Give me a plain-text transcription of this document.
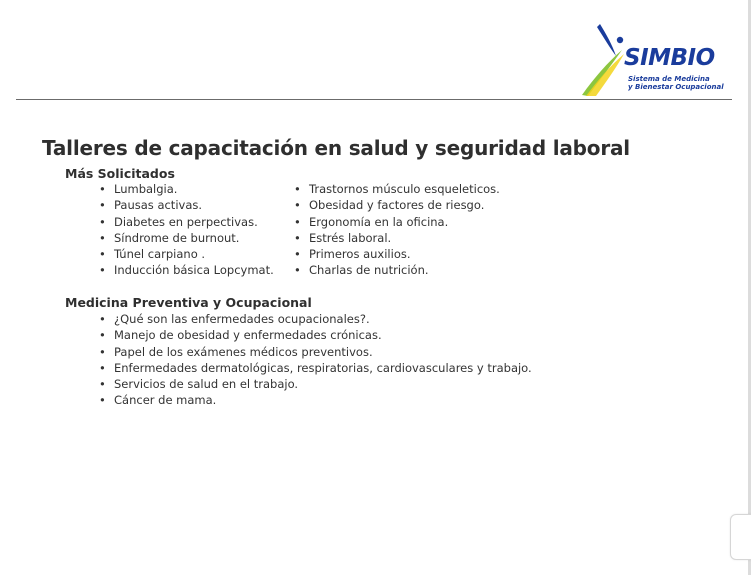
SIMBIO
Sistema de Medicina
y Bienestar Ocupacional
Talleres de capacitación en salud y seguridad laboral
Más Solicitados
• Lumbalgia.
• Pausas activas.
• Diabetes en perpectivas.
• Síndrome de burnout.
• Túnel carpiano .
• Inducción básica Lopcymat.
• Trastornos músculo esqueleticos.
• Obesidad y factores de riesgo.
• Ergonomía en la oficina.
• Estrés laboral.
• Primeros auxilios.
• Charlas de nutrición.
Medicina Preventiva y Ocupacional
• ¿Qué son las enfermedades ocupacionales?.
• Manejo de obesidad y enfermedades crónicas.
• Papel de los exámenes médicos preventivos.
• Enfermedades dermatológicas, respiratorias, cardiovasculares y trabajo.
• Servicios de salud en el trabajo.
• Cáncer de mama.
